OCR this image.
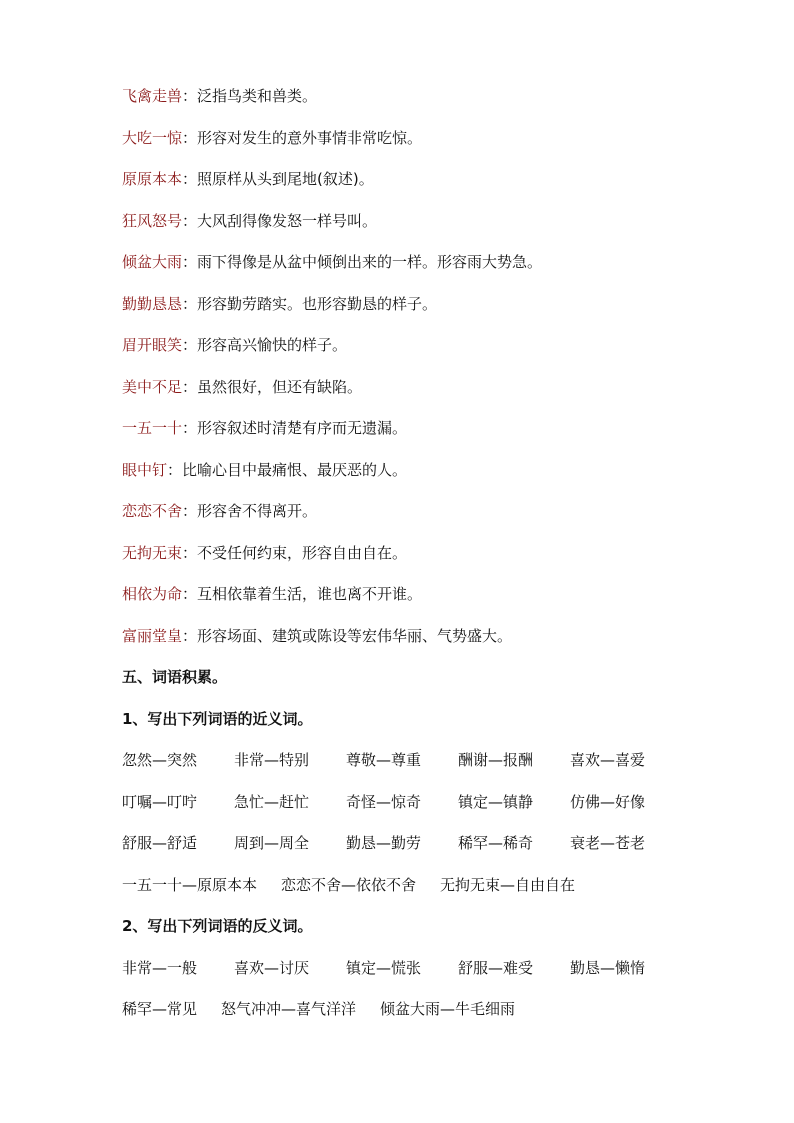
飞禽走兽：泛指鸟类和兽类。
大吃一惊：形容对发生的意外事情非常吃惊。
原原本本：照原样从头到尾地(叙述)。
狂风怒号：大风刮得像发怒一样号叫。
倾盆大雨：雨下得像是从盆中倾倒出来的一样。形容雨大势急。
勤勤恳恳：形容勤劳踏实。也形容勤恳的样子。
眉开眼笑：形容高兴愉快的样子。
美中不足：虽然很好，但还有缺陷。
一五一十：形容叙述时清楚有序而无遗漏。
眼中钉：比喻心目中最痛恨、最厌恶的人。
恋恋不舍：形容舍不得离开。
无拘无束：不受任何约束，形容自由自在。
相依为命：互相依靠着生活，谁也离不开谁。
富丽堂皇：形容场面、建筑或陈设等宏伟华丽、气势盛大。
五、词语积累。
1、写出下列词语的近义词。
忽然—突然	非常—特别	尊敬—尊重	酬谢—报酬	喜欢—喜爱
叮嘱—叮咛	急忙—赶忙	奇怪—惊奇	镇定—镇静	仿佛—好像
舒服—舒适	周到—周全	勤恳—勤劳	稀罕—稀奇	衰老—苍老
一五一十—原原本本 恋恋不舍—依依不舍 无拘无束—自由自在
2、写出下列词语的反义词。
非常—一般	喜欢—讨厌	镇定—慌张	舒服—难受	勤恳—懒惰
稀罕—常见 怒气冲冲—喜气洋洋 倾盆大雨—牛毛细雨
